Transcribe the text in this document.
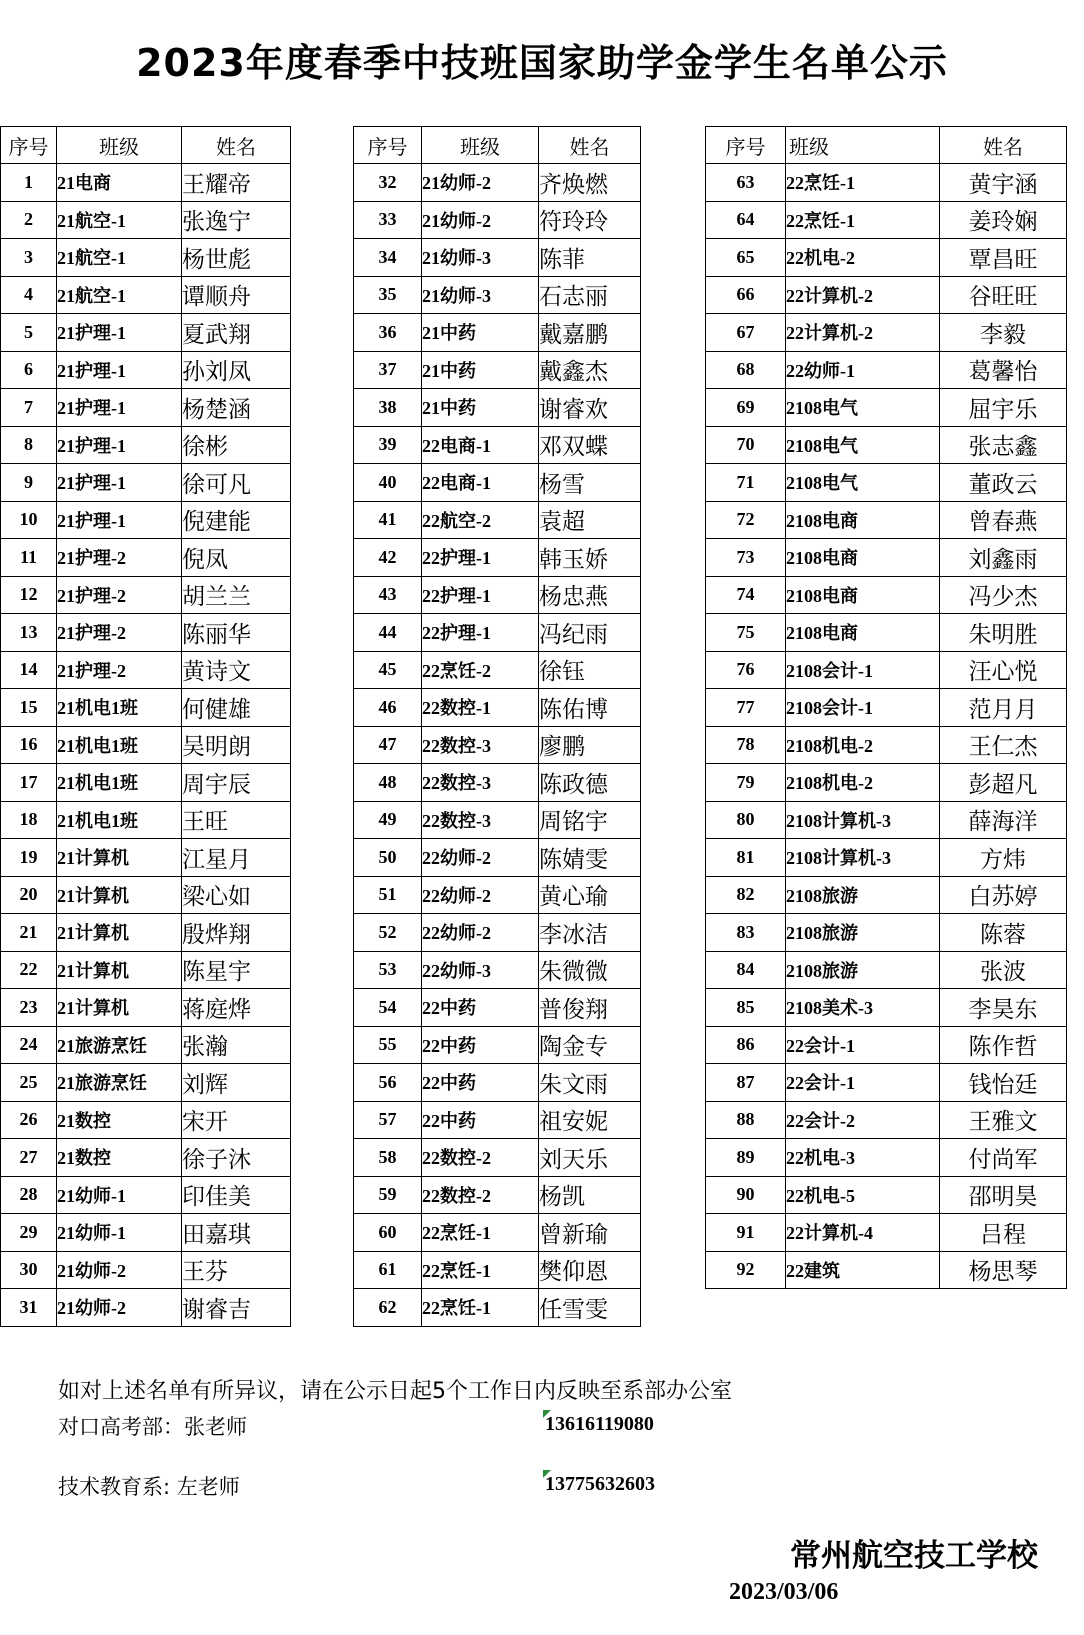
2023年度春季中技班国家助学金学生名单公示
序号	班级	姓名
1	21电商	王耀帝
2	21航空-1	张逸宁
3	21航空-1	杨世彪
4	21航空-1	谭顺舟
5	21护理-1	夏武翔
6	21护理-1	孙刘凤
7	21护理-1	杨楚涵
8	21护理-1	徐彬
9	21护理-1	徐可凡
10	21护理-1	倪建能
11	21护理-2	倪凤
12	21护理-2	胡兰兰
13	21护理-2	陈丽华
14	21护理-2	黄诗文
15	21机电1班	何健雄
16	21机电1班	吴明朗
17	21机电1班	周宇辰
18	21机电1班	王旺
19	21计算机	江星月
20	21计算机	梁心如
21	21计算机	殷烨翔
22	21计算机	陈星宇
23	21计算机	蒋庭烨
24	21旅游烹饪	张瀚
25	21旅游烹饪	刘辉
26	21数控	宋开
27	21数控	徐子沐
28	21幼师-1	印佳美
29	21幼师-1	田嘉琪
30	21幼师-2	王芬
31	21幼师-2	谢睿吉
序号	班级	姓名
32	21幼师-2	齐焕燃
33	21幼师-2	符玲玲
34	21幼师-3	陈菲
35	21幼师-3	石志丽
36	21中药	戴嘉鹏
37	21中药	戴鑫杰
38	21中药	谢睿欢
39	22电商-1	邓双蝶
40	22电商-1	杨雪
41	22航空-2	袁超
42	22护理-1	韩玉娇
43	22护理-1	杨忠燕
44	22护理-1	冯纪雨
45	22烹饪-2	徐钰
46	22数控-1	陈佑博
47	22数控-3	廖鹏
48	22数控-3	陈政德
49	22数控-3	周铭宇
50	22幼师-2	陈婧雯
51	22幼师-2	黄心瑜
52	22幼师-2	李冰洁
53	22幼师-3	朱微微
54	22中药	普俊翔
55	22中药	陶金专
56	22中药	朱文雨
57	22中药	祖安妮
58	22数控-2	刘天乐
59	22数控-2	杨凯
60	22烹饪-1	曾新瑜
61	22烹饪-1	樊仰恩
62	22烹饪-1	任雪雯
序号	班级	姓名
63	22烹饪-1	黄宇涵
64	22烹饪-1	姜玲娴
65	22机电-2	覃昌旺
66	22计算机-2	谷旺旺
67	22计算机-2	李毅
68	22幼师-1	葛馨怡
69	2108电气	屈宇乐
70	2108电气	张志鑫
71	2108电气	董政云
72	2108电商	曾春燕
73	2108电商	刘鑫雨
74	2108电商	冯少杰
75	2108电商	朱明胜
76	2108会计-1	汪心悦
77	2108会计-1	范月月
78	2108机电-2	王仁杰
79	2108机电-2	彭超凡
80	2108计算机-3	薛海洋
81	2108计算机-3	方炜
82	2108旅游	白苏婷
83	2108旅游	陈蓉
84	2108旅游	张波
85	2108美术-3	李昊东
86	22会计-1	陈作哲
87	22会计-1	钱怡廷
88	22会计-2	王雅文
89	22机电-3	付尚军
90	22机电-5	邵明昊
91	22计算机-4	吕程
92	22建筑	杨思琴
如对上述名单有所异议，请在公示日起5个工作日内反映至系部办公室
对口高考部：张老师	13616119080
技术教育系: 左老师	13775632603
常州航空技工学校
2023/03/06
